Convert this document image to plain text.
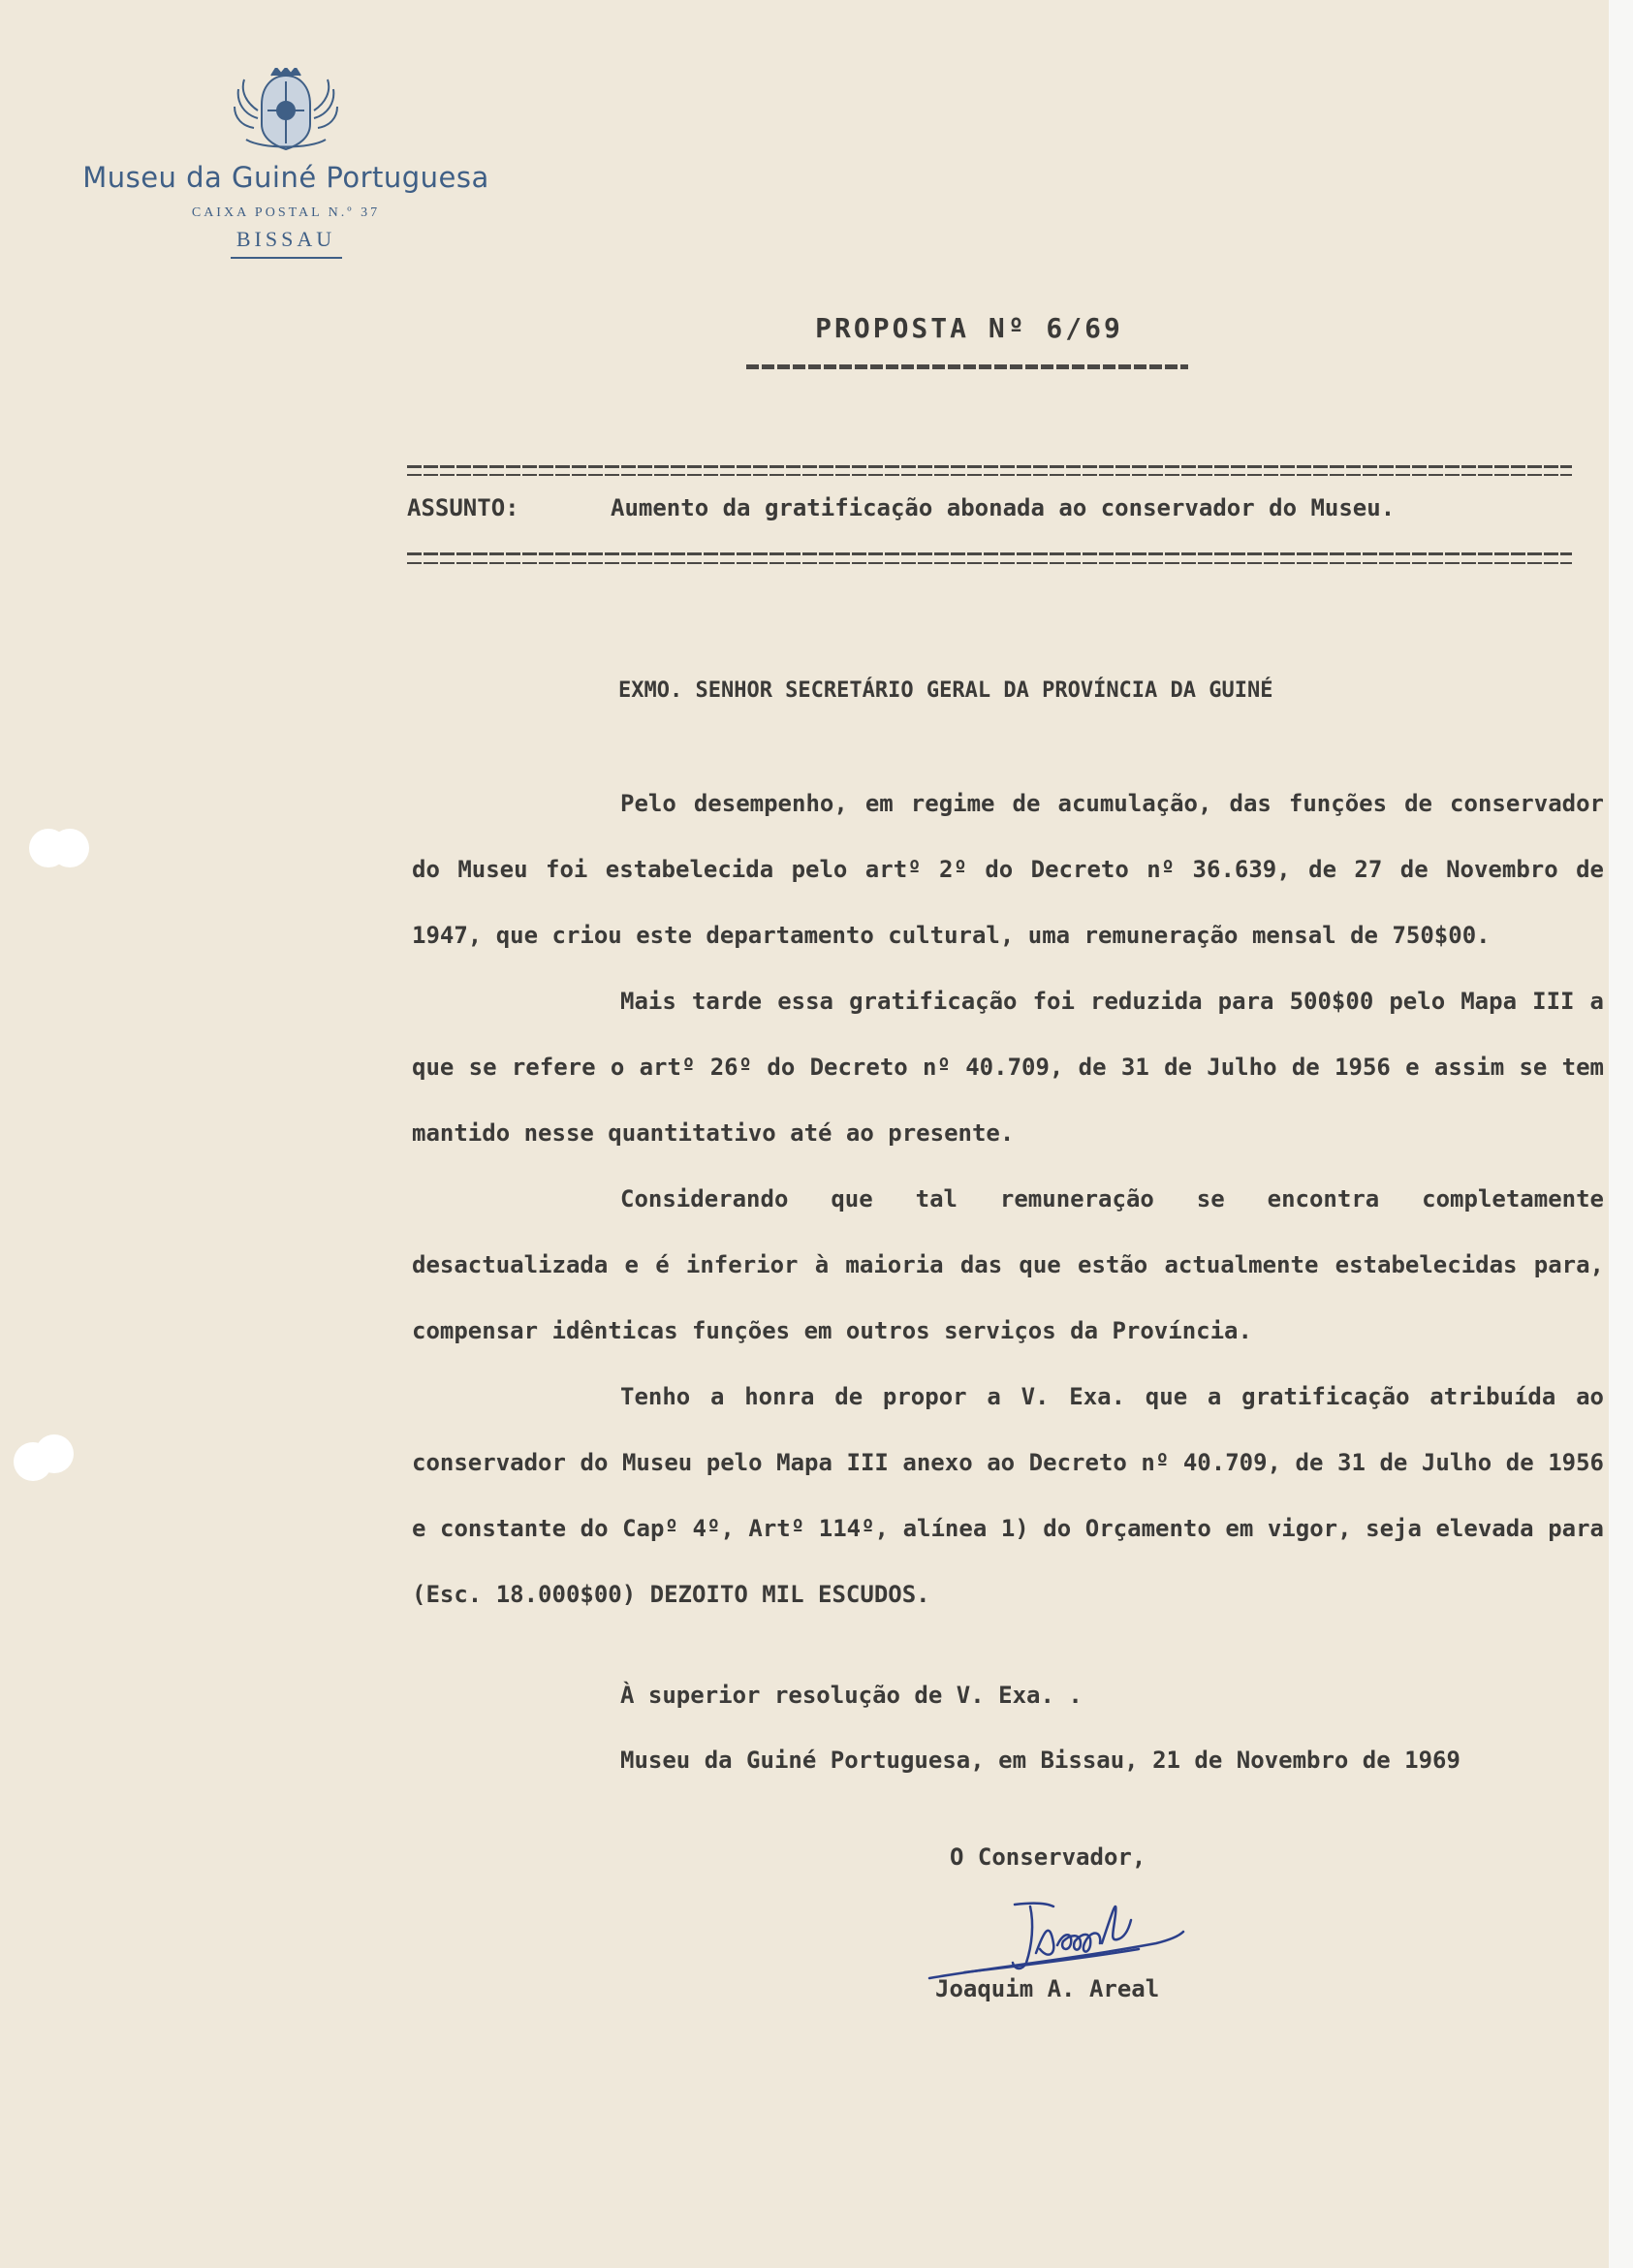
Museu da Guiné Portuguesa
CAIXA POSTAL N.º 37
BISSAU
PROPOSTA Nº 6/69
ASSUNTO:	Aumento da gratificação abonada ao conservador do Museu.
EXMO. SENHOR SECRETÁRIO GERAL DA PROVÍNCIA DA GUINÉ

Pelo desempenho, em regime de acumulação, das funções de conservador do Museu foi estabelecida pelo artº 2º do Decreto nº 36.639, de 27 de Novembro de 1947, que criou este departamento cultural, uma remuneração mensal de 750$00.

Mais tarde essa gratificação foi reduzida para 500$00 pelo Mapa III a que se refere o artº 26º do Decreto nº 40.709, de 31 de Julho de 1956 e assim se tem mantido nesse quantitativo até ao presente.

Considerando que tal remuneração se encontra completamente desactualizada e é inferior à maioria das que estão actualmente estabelecidas para, compensar idênticas funções em outros serviços da Província.

Tenho a honra de propor a V. Exa. que a gratificação atribuída ao conservador do Museu pelo Mapa III anexo ao Decreto nº 40.709, de 31 de Julho de 1956 e constante do Capº 4º, Artº 114º, alínea 1) do Orçamento em vigor, seja elevada para (Esc. 18.000$00) DEZOITO MIL ESCUDOS.

À superior resolução de V. Exa. .
Museu da Guiné Portuguesa, em Bissau, 21 de Novembro de 1969
O Conservador,
Joaquim A. Areal
